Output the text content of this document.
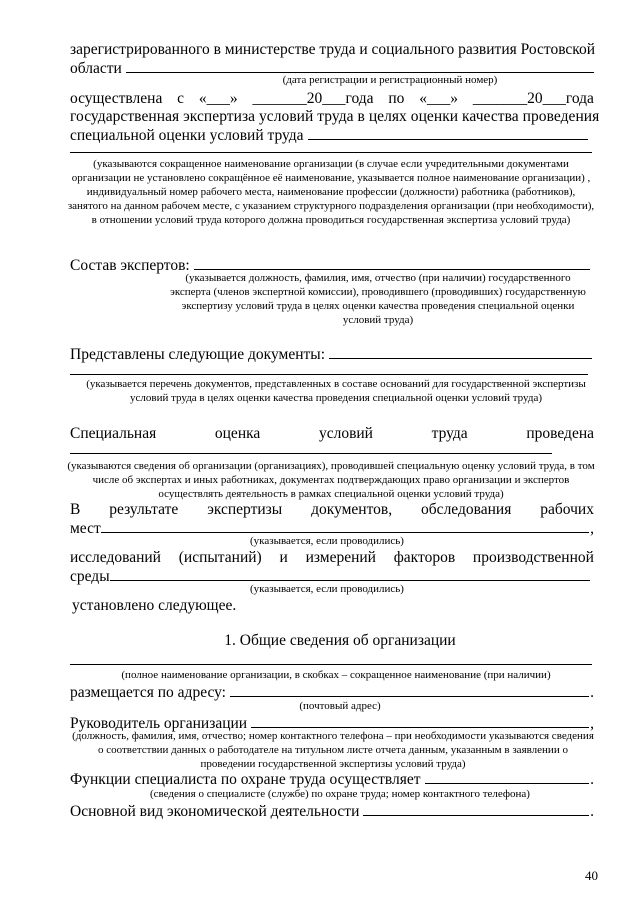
зарегистрированного в министерстве труда и социального развития Ростовской
области
(дата регистрации и регистрационный номер)
осуществлена с «___» _______20___года по «___» _______20___года
государственная экспертиза условий труда в целях оценки качества проведения
специальной оценки условий труда
(указываются сокращенное наименование организации (в случае если учредительными документами организации не установлено сокращённое её наименование, указывается полное наименование организации) , индивидуальный номер рабочего места, наименование профессии (должности) работника (работников), занятого на данном рабочем месте, с указанием структурного подразделения организации (при необходимости), в отношении условий труда которого должна проводиться государственная экспертиза условий труда)
Состав экспертов:
(указывается должность, фамилия, имя, отчество (при наличии) государственного эксперта (членов экспертной комиссии), проводившего (проводивших) государственную экспертизу условий труда в целях оценки качества проведения специальной оценки условий труда)
Представлены следующие документы:
(указывается перечень документов, представленных в составе оснований для государственной экспертизы условий труда в целях оценки качества проведения специальной оценки условий труда)
Специальная	оценка	условий	труда	проведена
(указываются сведения об организации (организациях), проводившей специальную оценку условий труда, в том числе об экспертах и иных работниках, документах подтверждающих право организации и экспертов осуществлять деятельность в рамках специальной оценки условий труда)
В результате экспертизы документов, обследования рабочих
мест	,
(указывается, если проводились)
исследований (испытаний) и измерений факторов производственной
среды
(указывается, если проводились)
установлено следующее.
1. Общие сведения об организации
(полное наименование организации, в скобках – сокращенное наименование (при наличии)
размещается по адресу:	.
(почтовый адрес)
Руководитель организации	,
(должность, фамилия, имя, отчество; номер контактного телефона – при необходимости указываются сведения о соответствии данных о работодателе на титульном листе отчета данным, указанным в заявлении о проведении государственной экспертизы условий труда)
Функции специалиста по охране труда осуществляет	.
(сведения о специалисте (службе) по охране труда; номер контактного телефона)
Основной вид экономической деятельности	.
40
